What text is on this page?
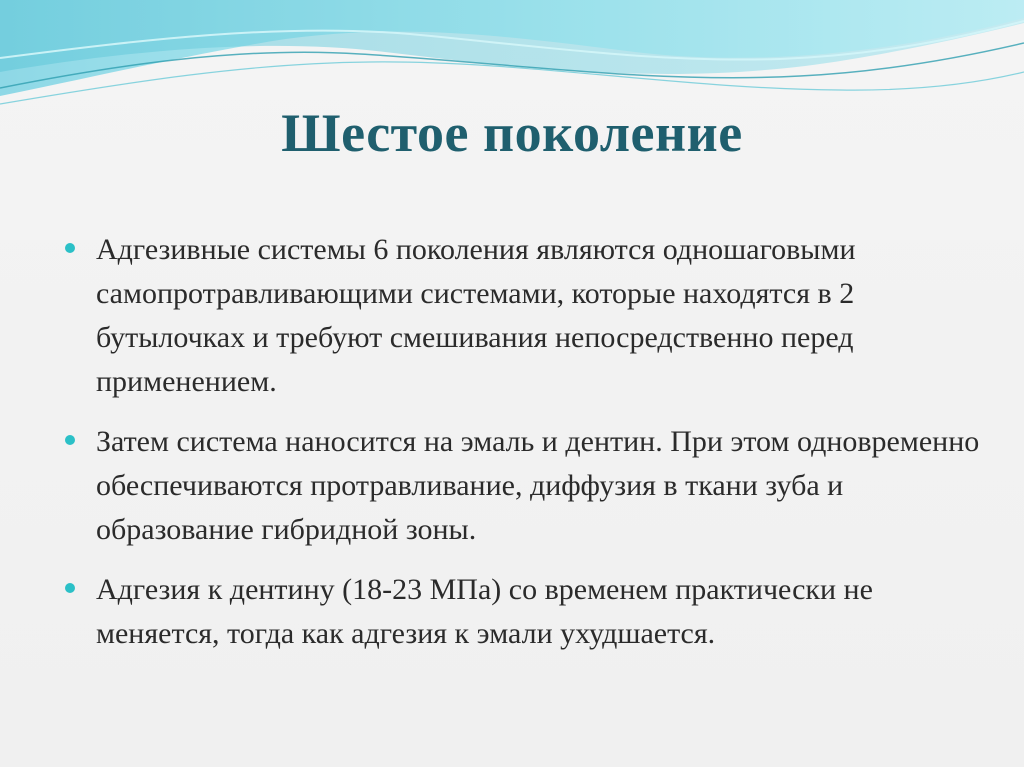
Шестое поколение
Адгезивные системы 6 поколения являются одношаговыми самопротравливающими системами, которые находятся в 2 бутылочках и требуют смешивания непосредственно перед применением.
Затем система наносится на эмаль и дентин. При этом одновременно обеспечиваются протравливание, диффузия в ткани зуба и образование гибридной зоны.
Адгезия к дентину (18-23 МПа) со временем практически не меняется, тогда как адгезия к эмали ухудшается.
